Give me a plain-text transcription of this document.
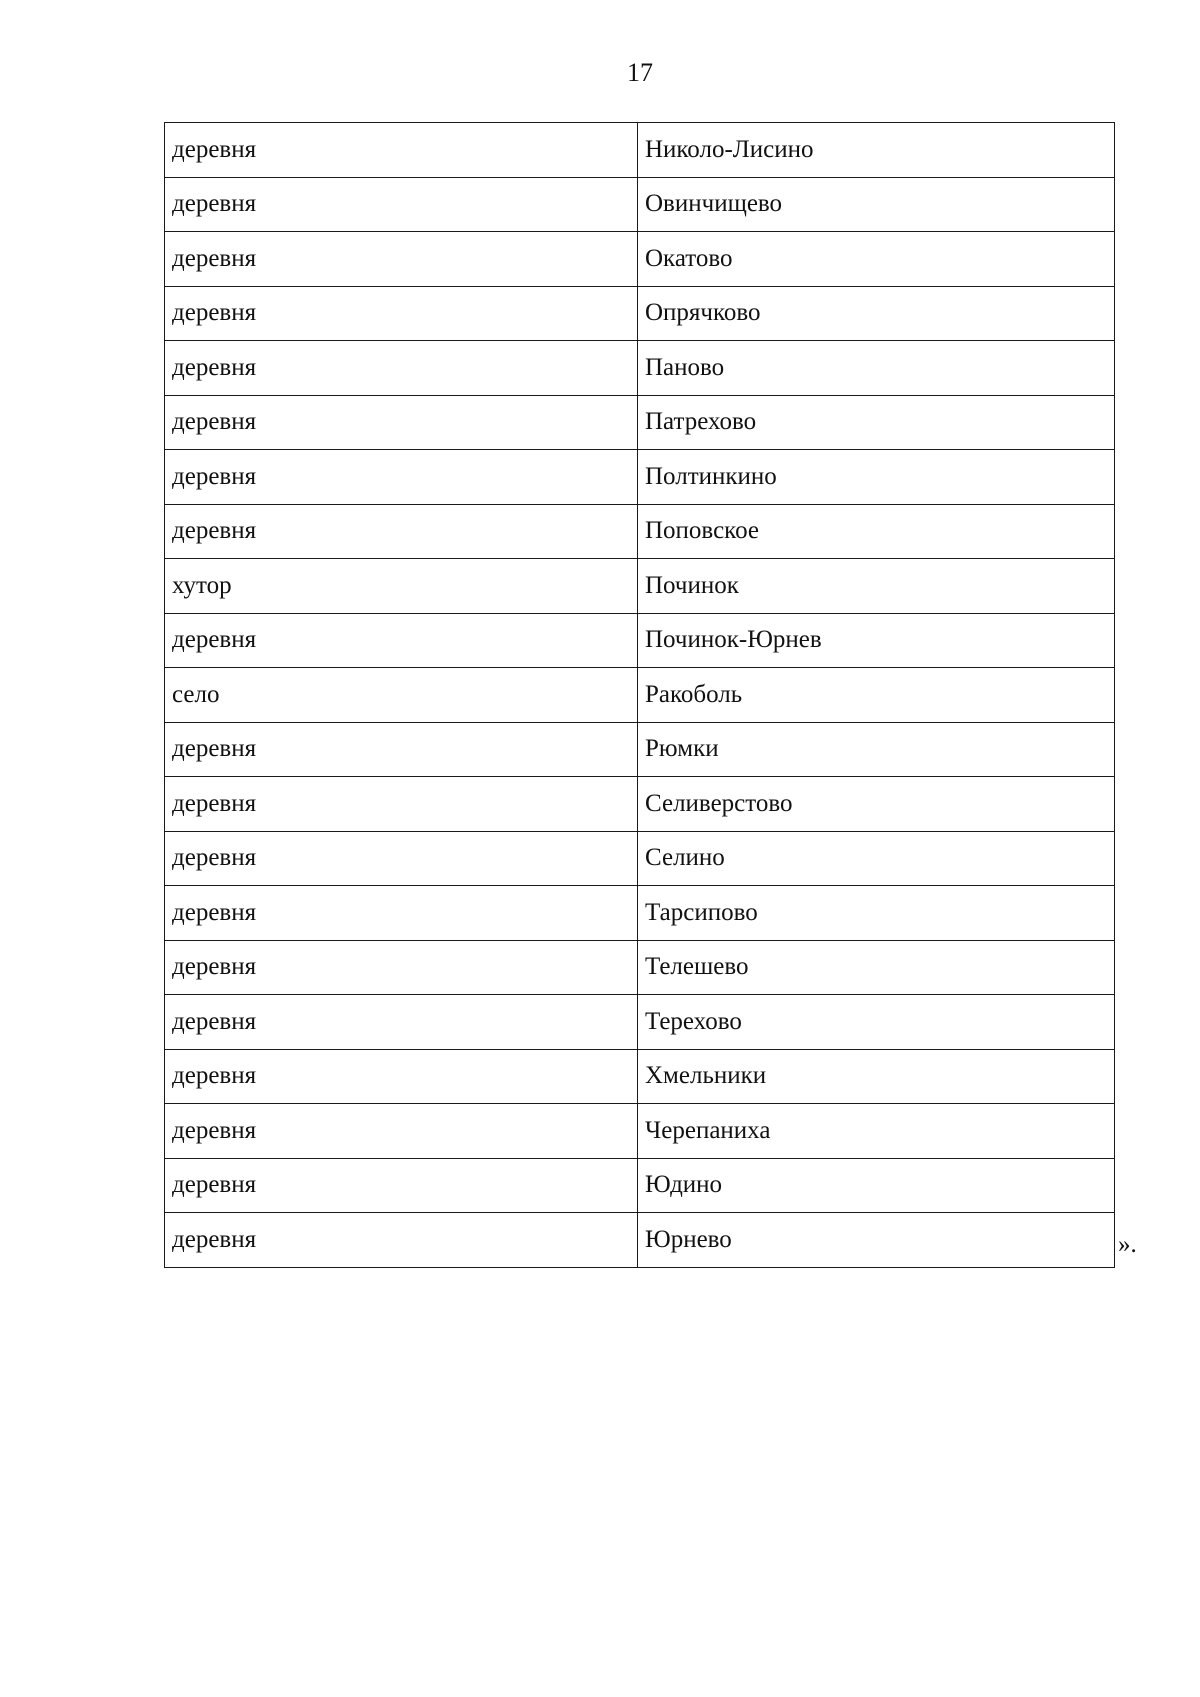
17
деревня	Николо-Лисино
деревня	Овинчищево
деревня	Окатово
деревня	Опрячково
деревня	Паново
деревня	Патрехово
деревня	Полтинкино
деревня	Поповское
хутор	Починок
деревня	Починок-Юрнев
село	Ракоболь
деревня	Рюмки
деревня	Селиверстово
деревня	Селино
деревня	Тарсипово
деревня	Телешево
деревня	Терехово
деревня	Хмельники
деревня	Черепаниха
деревня	Юдино
деревня	Юрнево	».
